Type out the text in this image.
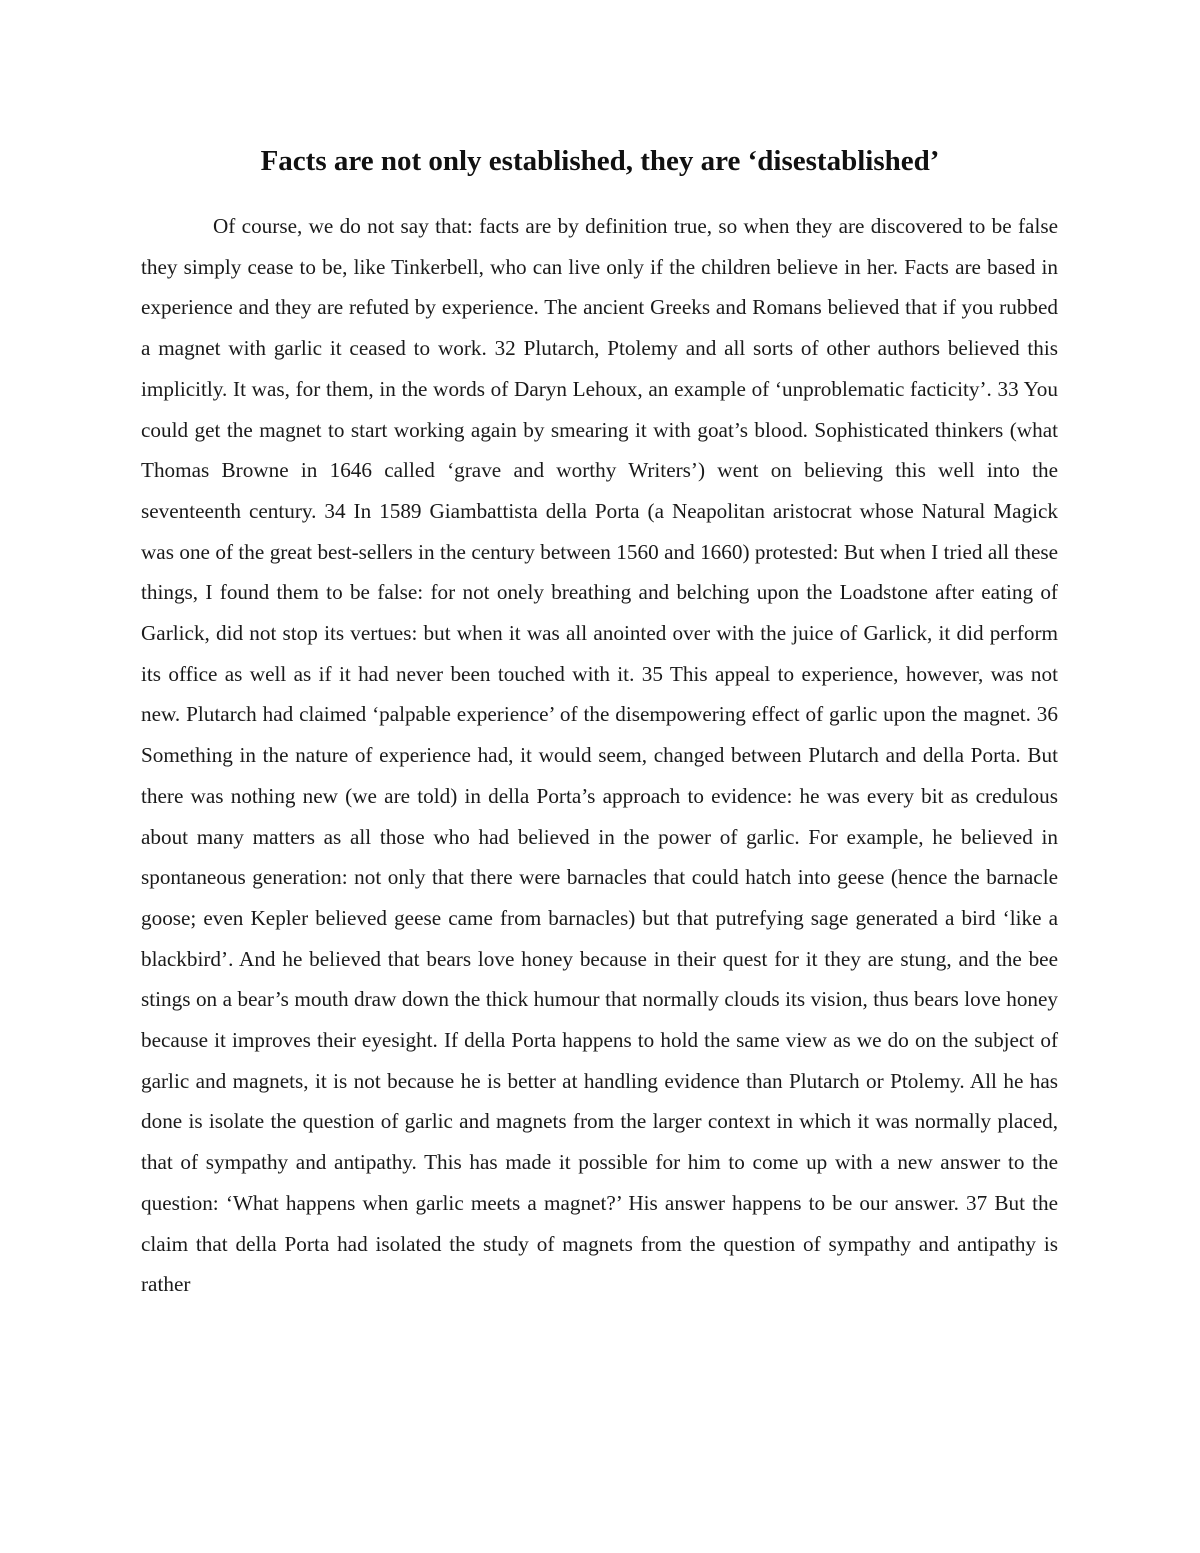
Facts are not only established, they are ‘disestablished’

Of course, we do not say that: facts are by definition true, so when they are discovered to be false they simply cease to be, like Tinkerbell, who can live only if the children believe in her. Facts are based in experience and they are refuted by experience. The ancient Greeks and Romans believed that if you rubbed a magnet with garlic it ceased to work. 32 Plutarch, Ptolemy and all sorts of other authors believed this implicitly. It was, for them, in the words of Daryn Lehoux, an example of ‘unproblematic facticity’. 33 You could get the magnet to start working again by smearing it with goat’s blood. Sophisticated thinkers (what Thomas Browne in 1646 called ‘grave and worthy Writers’) went on believing this well into the seventeenth century. 34 In 1589 Giambattista della Porta (a Neapolitan aristocrat whose Natural Magick was one of the great best-sellers in the century between 1560 and 1660) protested: But when I tried all these things, I found them to be false: for not onely breathing and belching upon the Loadstone after eating of Garlick, did not stop its vertues: but when it was all anointed over with the juice of Garlick, it did perform its office as well as if it had never been touched with it. 35 This appeal to experience, however, was not new. Plutarch had claimed ‘palpable experience’ of the disempowering effect of garlic upon the magnet. 36 Something in the nature of experience had, it would seem, changed between Plutarch and della Porta. But there was nothing new (we are told) in della Porta’s approach to evidence: he was every bit as credulous about many matters as all those who had believed in the power of garlic. For example, he believed in spontaneous generation: not only that there were barnacles that could hatch into geese (hence the barnacle goose; even Kepler believed geese came from barnacles) but that putrefying sage generated a bird ‘like a blackbird’. And he believed that bears love honey because in their quest for it they are stung, and the bee stings on a bear’s mouth draw down the thick humour that normally clouds its vision, thus bears love honey because it improves their eyesight. If della Porta happens to hold the same view as we do on the subject of garlic and magnets, it is not because he is better at handling evidence than Plutarch or Ptolemy. All he has done is isolate the question of garlic and magnets from the larger context in which it was normally placed, that of sympathy and antipathy. This has made it possible for him to come up with a new answer to the question: ‘What happens when garlic meets a magnet?’ His answer happens to be our answer. 37 But the claim that della Porta had isolated the study of magnets from the question of sympathy and antipathy is rather
